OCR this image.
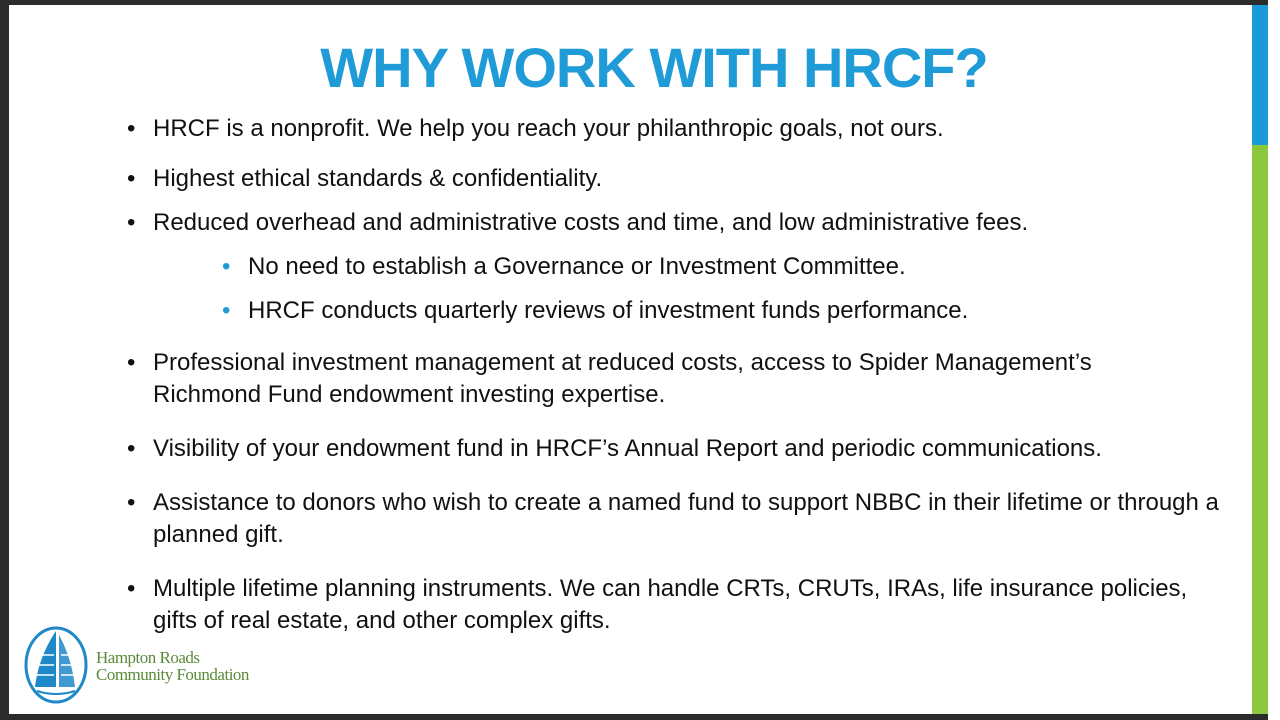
WHY WORK WITH HRCF?
• HRCF is a nonprofit. We help you reach your philanthropic goals, not ours.
• Highest ethical standards & confidentiality.
• Reduced overhead and administrative costs and time, and low administrative fees.
• No need to establish a Governance or Investment Committee.
• HRCF conducts quarterly reviews of investment funds performance.
• Professional investment management at reduced costs, access to Spider Management’s Richmond Fund endowment investing expertise.
• Visibility of your endowment fund in HRCF’s Annual Report and periodic communications.
• Assistance to donors who wish to create a named fund to support NBBC in their lifetime or through a planned gift.
• Multiple lifetime planning instruments. We can handle CRTs, CRUTs, IRAs, life insurance policies, gifts of real estate, and other complex gifts.
Hampton Roads
Community Foundation
